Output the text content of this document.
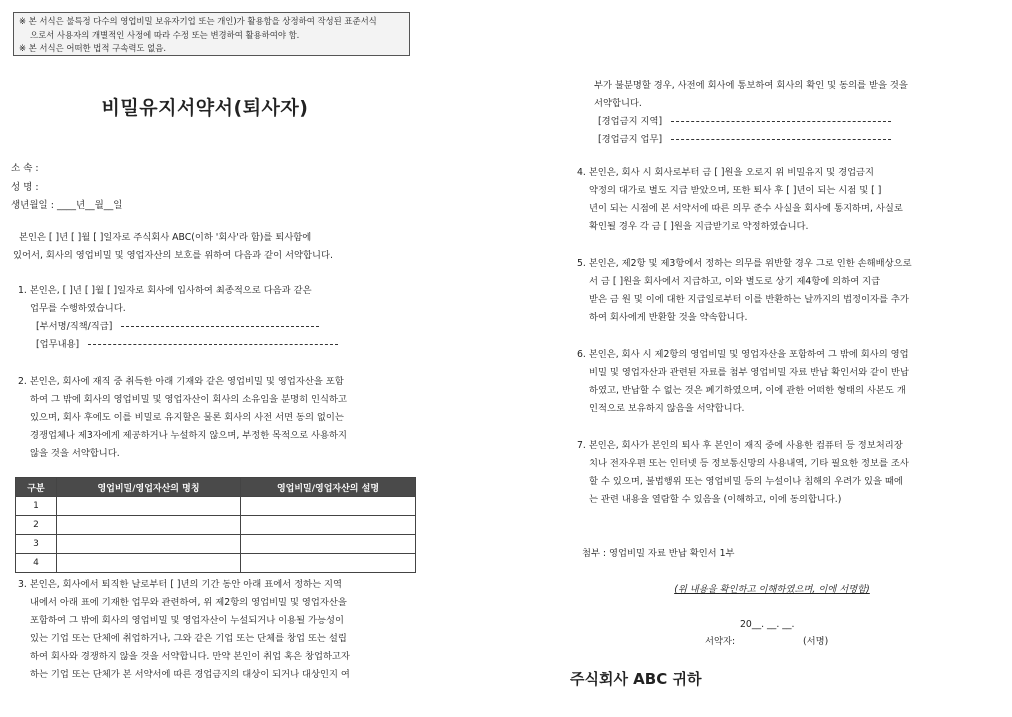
※ 본 서식은 불특정 다수의 영업비밀 보유자기업 또는 개인)가 활용함을 상정하여 작성된 표준서식
으로서 사용자의 개별적인 사정에 따라 수정 또는 변경하여 활용하여야 함.
※ 본 서식은 어떠한 법적 구속력도 없음.
비밀유지서약서(퇴사자)
소 속 :
성 명 :
생년월일 : ____년__월__일
본인은 [ ]년 [ ]월 [ ]일자로 주식회사 ABC(이하 '회사'라 함)를 퇴사함에
있어서, 회사의 영업비밀 및 영업자산의 보호를 위하여 다음과 같이 서약합니다.
1. 본인은, [ ]년 [ ]월 [ ]일자로 회사에 입사하여 최종적으로 다음과 같은
업무를 수행하였습니다.
[부서명/직책/직급]
[업무내용]
2. 본인은, 회사에 재직 중 취득한 아래 기재와 같은 영업비밀 및 영업자산을 포함
하여 그 밖에 회사의 영업비밀 및 영업자산이 회사의 소유임을 분명히 인식하고
있으며, 회사 후에도 이를 비밀로 유지할은 물론 회사의 사전 서면 동의 없이는
경쟁업체나 제3자에게 제공하거나 누설하지 않으며, 부정한 목적으로 사용하지
않을 것을 서약합니다.
구분	영업비밀/영업자산의 명칭	영업비밀/영업자산의 설명
1		
2		
3		
4		
3. 본인은, 회사에서 퇴직한 날로부터 [ ]년의 기간 동안 아래 표에서 정하는 지역
내에서 아래 표에 기재한 업무와 관련하여, 위 제2항의 영업비밀 및 영업자산을
포함하여 그 밖에 회사의 영업비밀 및 영업자산이 누설되거나 이용될 가능성이
있는 기업 또는 단체에 취업하거나, 그와 같은 기업 또는 단체를 창업 또는 설립
하여 회사와 경쟁하지 않을 것을 서약합니다. 만약 본인이 취업 혹은 창업하고자
하는 기업 또는 단체가 본 서약서에 따른 경업금지의 대상이 되거나 대상인지 여
부가 불분명할 경우, 사전에 회사에 통보하여 회사의 확인 및 동의를 받을 것을
서약합니다.
[경업금지 지역]
[경업금지 업무]
4. 본인은, 회사 시 회사로부터 금 [ ]원을 오로지 위 비밀유지 및 경업금지
약정의 대가로 별도 지급 받았으며, 또한 퇴사 후 [ ]년이 되는 시점 및 [ ]
년이 되는 시점에 본 서약서에 따른 의무 준수 사실을 회사에 통지하며, 사실로
확인될 경우 각 금 [ ]원을 지급받기로 약정하였습니다.
5. 본인은, 제2항 및 제3항에서 정하는 의무를 위반할 경우 그로 인한 손해배상으로
서 금 [ ]원을 회사에서 지급하고, 이와 별도로 상기 제4항에 의하여 지급
받은 금 원 및 이에 대한 지급일로부터 이를 반환하는 날까지의 법정이자를 추가
하여 회사에게 반환할 것을 약속합니다.
6. 본인은, 회사 시 제2항의 영업비밀 및 영업자산을 포함하여 그 밖에 회사의 영업
비밀 및 영업자산과 관련된 자료를 첨부 영업비밀 자료 반납 확인서와 같이 반납
하였고, 반납할 수 없는 것은 폐기하였으며, 이에 관한 어떠한 형태의 사본도 개
인적으로 보유하지 않음을 서약합니다.
7. 본인은, 회사가 본인의 퇴사 후 본인이 재직 중에 사용한 컴퓨터 등 정보처리장
치나 전자우편 또는 인터넷 등 정보통신망의 사용내역, 기타 필요한 정보를 조사
할 수 있으며, 불법행위 또는 영업비밀 등의 누설이나 침해의 우려가 있을 때에
는 관련 내용을 열람할 수 있음을 (이해하고, 이에 동의합니다.)
첨부 : 영업비밀 자료 반납 확인서 1부
(위 내용을 확인하고 이해하였으며, 이에 서명함)
20__. __. __.
서약자:	(서명)
주식회사 ABC 귀하
